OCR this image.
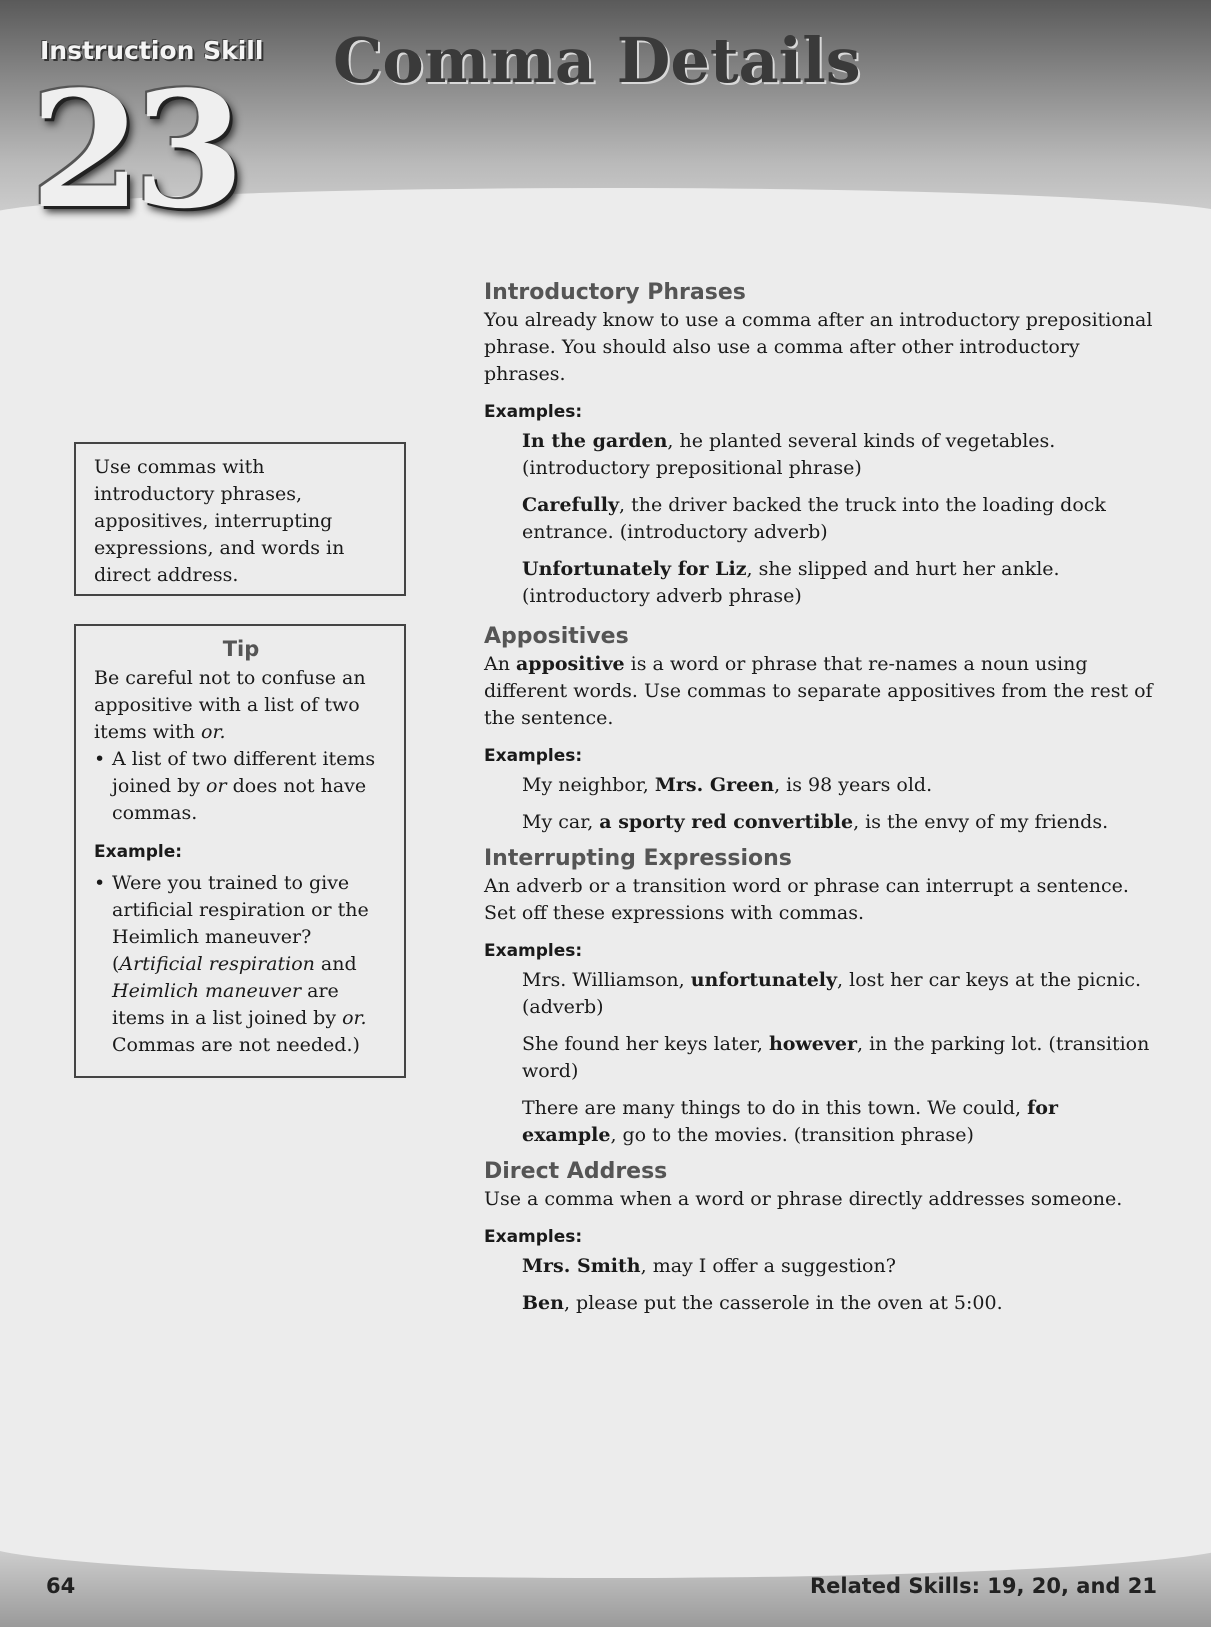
Instruction Skill
23 Comma Details
Use commas with introductory phrases, appositives, interrupting expressions, and words in direct address.
Tip
Be careful not to confuse an appositive with a list of two items with or.
• A list of two different items joined by or does not have commas.
Example:
• Were you trained to give artificial respiration or the Heimlich maneuver? (Artificial respiration and Heimlich maneuver are items in a list joined by or. Commas are not needed.)
Introductory Phrases

You already know to use a comma after an introductory prepositional phrase. You should also use a comma after other introductory phrases.

Examples:

In the garden, he planted several kinds of vegetables. (introductory prepositional phrase)

Carefully, the driver backed the truck into the loading dock entrance. (introductory adverb)

Unfortunately for Liz, she slipped and hurt her ankle. (introductory adverb phrase)

Appositives

An appositive is a word or phrase that re-names a noun using different words. Use commas to separate appositives from the rest of the sentence.

Examples:

My neighbor, Mrs. Green, is 98 years old.

My car, a sporty red convertible, is the envy of my friends.

Interrupting Expressions

An adverb or a transition word or phrase can interrupt a sentence. Set off these expressions with commas.

Examples:

Mrs. Williamson, unfortunately, lost her car keys at the picnic. (adverb)

She found her keys later, however, in the parking lot. (transition word)

There are many things to do in this town. We could, for example, go to the movies. (transition phrase)

Direct Address

Use a comma when a word or phrase directly addresses someone.

Examples:

Mrs. Smith, may I offer a suggestion?

Ben, please put the casserole in the oven at 5:00.

64	Related Skills: 19, 20, and 21
